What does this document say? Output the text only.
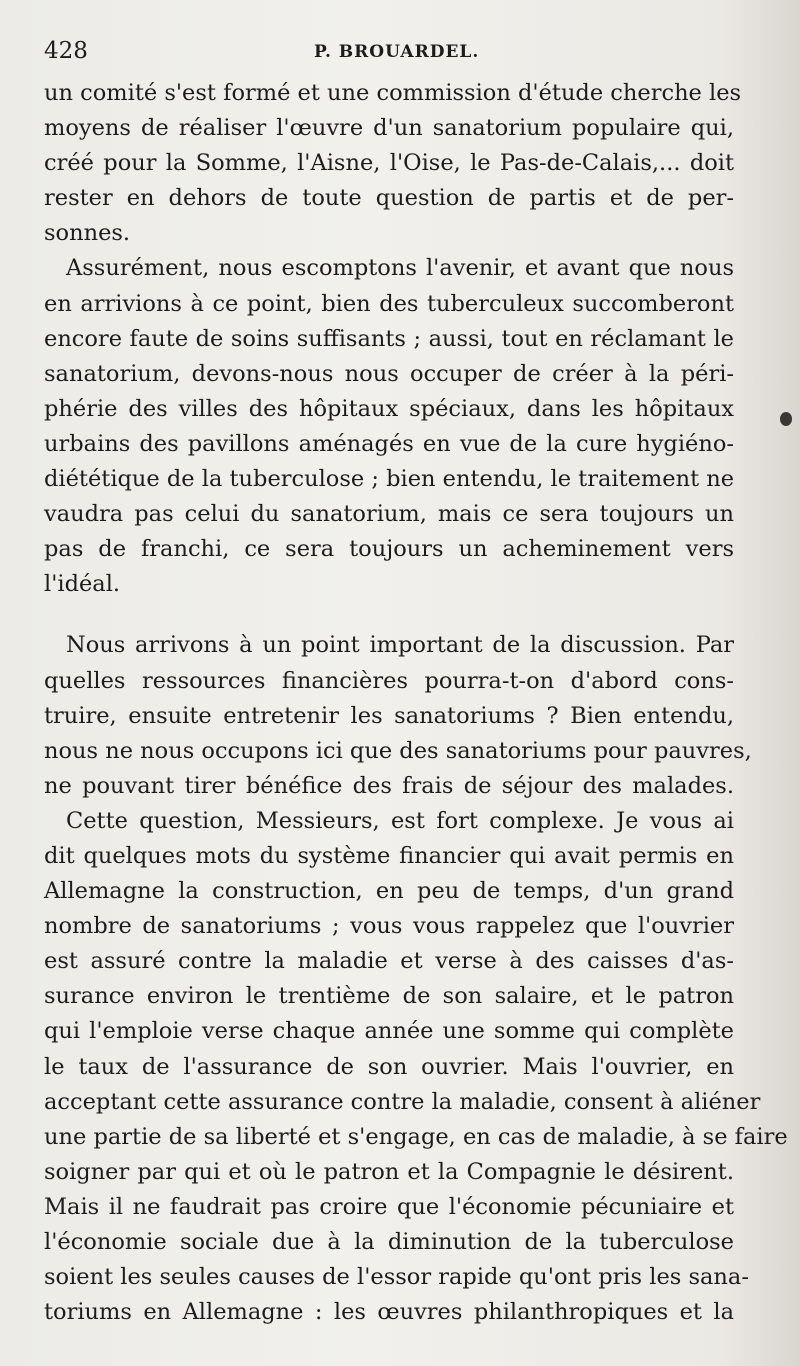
428	P. BROUARDEL.
un comité s'est formé et une commission d'étude cherche les
moyens de réaliser l'œuvre d'un sanatorium populaire qui,
créé pour la Somme, l'Aisne, l'Oise, le Pas-de-Calais,... doit
rester en dehors de toute question de partis et de per-
sonnes.
Assurément, nous escomptons l'avenir, et avant que nous
en arrivions à ce point, bien des tuberculeux succomberont
encore faute de soins suffisants ; aussi, tout en réclamant le
sanatorium, devons-nous nous occuper de créer à la péri-
phérie des villes des hôpitaux spéciaux, dans les hôpitaux
urbains des pavillons aménagés en vue de la cure hygiéno-
diététique de la tuberculose ; bien entendu, le traitement ne
vaudra pas celui du sanatorium, mais ce sera toujours un
pas de franchi, ce sera toujours un acheminement vers
l'idéal.
Nous arrivons à un point important de la discussion. Par
quelles ressources financières pourra-t-on d'abord cons-
truire, ensuite entretenir les sanatoriums ? Bien entendu,
nous ne nous occupons ici que des sanatoriums pour pauvres,
ne pouvant tirer bénéfice des frais de séjour des malades.
Cette question, Messieurs, est fort complexe. Je vous ai
dit quelques mots du système financier qui avait permis en
Allemagne la construction, en peu de temps, d'un grand
nombre de sanatoriums ; vous vous rappelez que l'ouvrier
est assuré contre la maladie et verse à des caisses d'as-
surance environ le trentième de son salaire, et le patron
qui l'emploie verse chaque année une somme qui complète
le taux de l'assurance de son ouvrier. Mais l'ouvrier, en
acceptant cette assurance contre la maladie, consent à aliéner
une partie de sa liberté et s'engage, en cas de maladie, à se faire
soigner par qui et où le patron et la Compagnie le désirent.
Mais il ne faudrait pas croire que l'économie pécuniaire et
l'économie sociale due à la diminution de la tuberculose
soient les seules causes de l'essor rapide qu'ont pris les sana-
toriums en Allemagne : les œuvres philanthropiques et la
